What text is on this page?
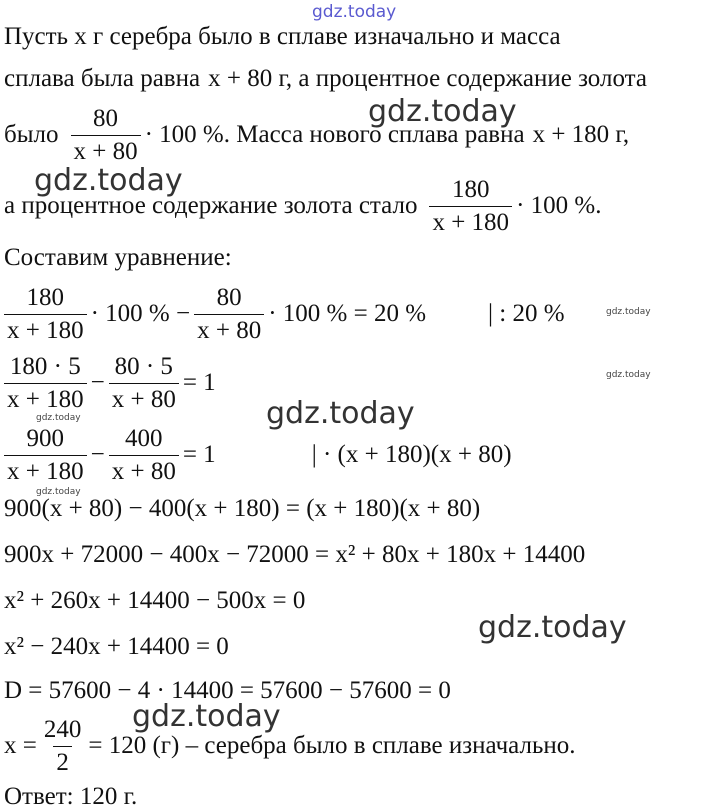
gdz.today
gdz.today
gdz.today
gdz.today
gdz.today
gdz.today
gdz.today
gdz.today
gdz.today
gdz.today
Пусть x г серебра было в сплаве изначально и масса
сплава была равна x + 80 г, а процентное содержание золота
было $\frac{80}{x + 80} \cdot 100$ %. Масса нового сплава равна x + 180 г,
а процентное содержание золота стало $\frac{180}{x + 180} \cdot 100$ %.
Составим уравнение:
$\frac{180}{x + 180} \cdot 100$ % − $\frac{80}{x + 80} \cdot 100$ % = 20 % | : 20 %
$\frac{180 \cdot 5}{x + 180} - \frac{80 \cdot 5}{x + 80} = 1$
$\frac{900}{x + 180} - \frac{400}{x + 80} = 1$	| · (x + 180)(x + 80)
900(x + 80) − 400(x + 180) = (x + 180)(x + 80)
900x + 72000 − 400x − 72000 = x² + 80x + 180x + 14400
x² + 260x + 14400 − 500x = 0
x² − 240x + 14400 = 0
D = 57600 − 4 · 14400 = 57600 − 57600 = 0
$x = \frac{240}{2} = 120$ (г) – серебра было в сплаве изначально.
Ответ: 120 г.
